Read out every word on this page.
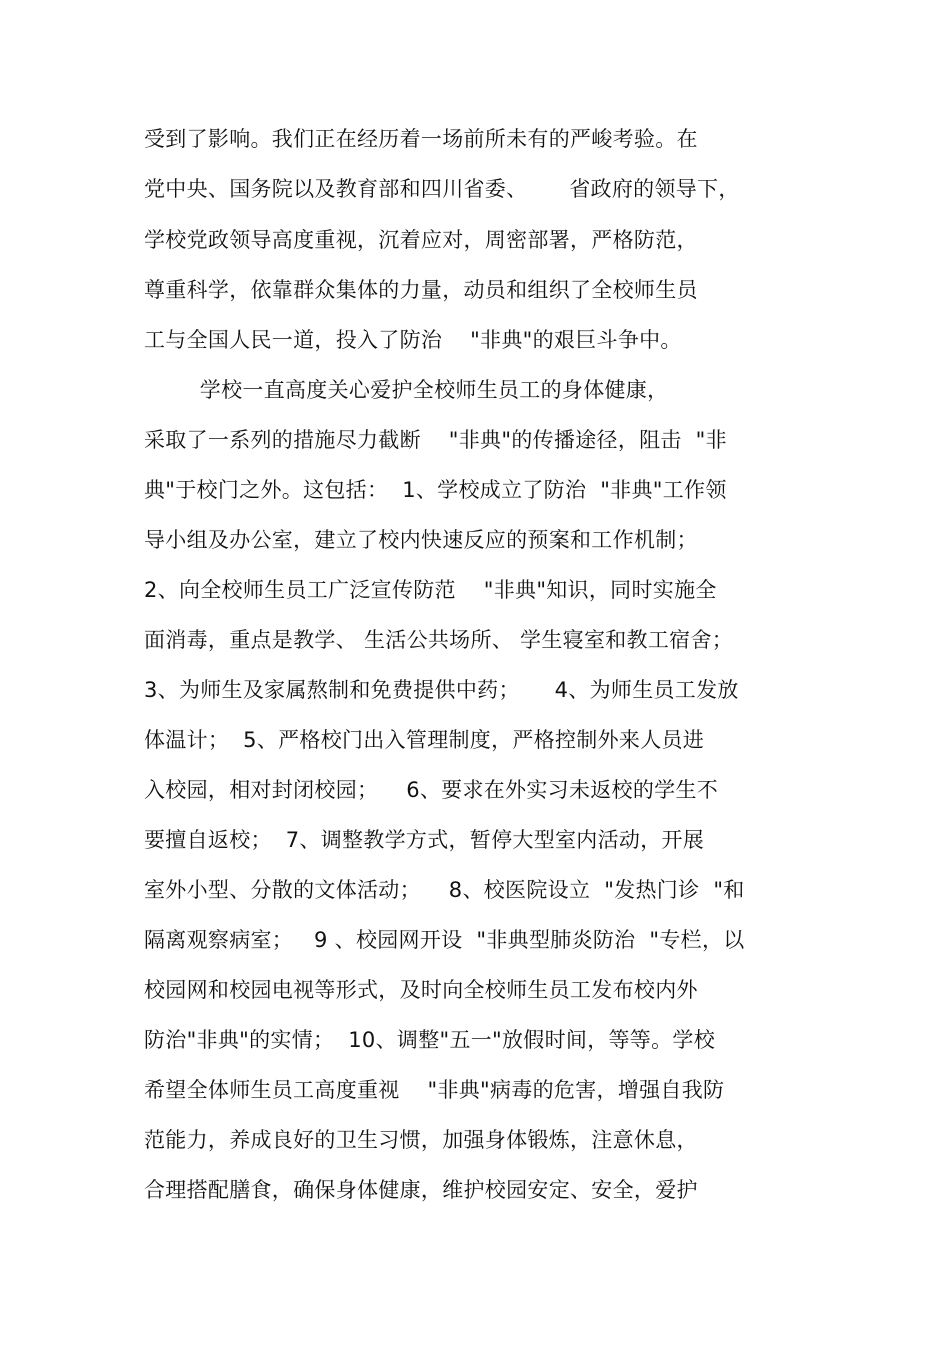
受到了影响。我们正在经历着一场前所未有的严峻考验。在
党中央、国务院以及教育部和四川省委、      省政府的领导下，
学校党政领导高度重视，沉着应对，周密部署，严格防范，
尊重科学，依靠群众集体的力量，动员和组织了全校师生员
工与全国人民一道，投入了防治    "非典"的艰巨斗争中。
学校一直高度关心爱护全校师生员工的身体健康，
采取了一系列的措施尽力截断    "非典"的传播途径，阻击  "非
典"于校门之外。这包括：  1、学校成立了防治  "非典"工作领
导小组及办公室，建立了校内快速反应的预案和工作机制；
2、向全校师生员工广泛宣传防范    "非典"知识，同时实施全
面消毒，重点是教学、 生活公共场所、 学生寝室和教工宿舍；
3、为师生及家属熬制和免费提供中药；     4、为师生员工发放
体温计；  5、严格校门出入管理制度，严格控制外来人员进
入校园，相对封闭校园；    6、要求在外实习未返校的学生不
要擅自返校；  7、调整教学方式，暂停大型室内活动，开展
室外小型、分散的文体活动；    8、校医院设立  "发热门诊  "和
隔离观察病室；   9 、校园网开设  "非典型肺炎防治  "专栏，以
校园网和校园电视等形式，及时向全校师生员工发布校内外
防治"非典"的实情；  10、调整"五一"放假时间，等等。学校
希望全体师生员工高度重视    "非典"病毒的危害，增强自我防
范能力，养成良好的卫生习惯，加强身体锻炼，注意休息，
合理搭配膳食，确保身体健康，维护校园安定、安全，爱护
